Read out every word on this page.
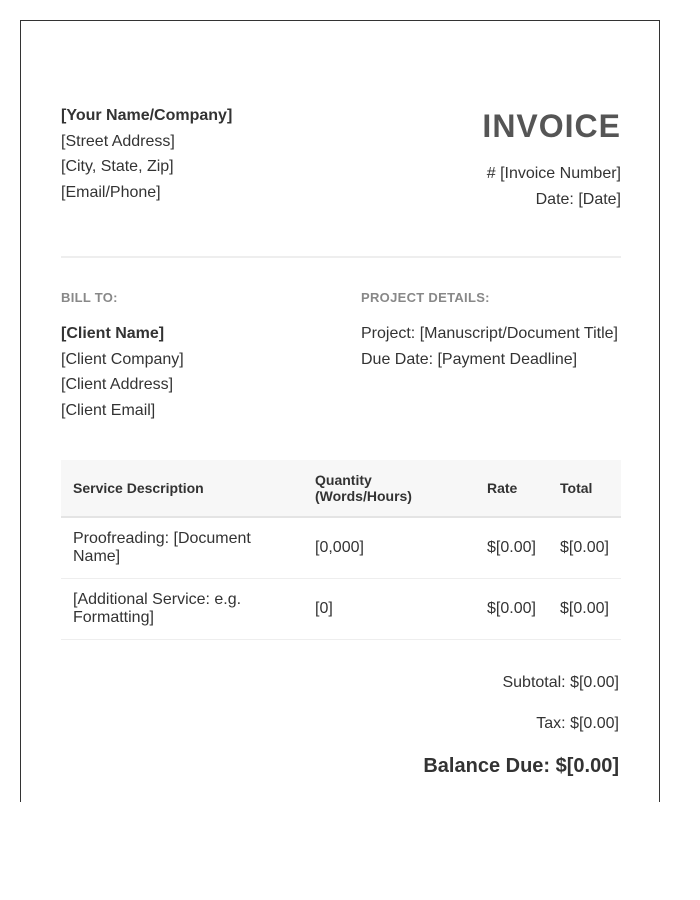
[Your Name/Company]
[Street Address]
[City, State, Zip]
[Email/Phone]
INVOICE
# [Invoice Number]
Date: [Date]
BILL TO:
[Client Name]
[Client Company]
[Client Address]
[Client Email]
PROJECT DETAILS:
Project: [Manuscript/Document Title]
Due Date: [Payment Deadline]
Service Description	Quantity (Words/Hours)	Rate	Total
Proofreading: [Document Name]	[0,000]	$[0.00]	$[0.00]
[Additional Service: e.g. Formatting]	[0]	$[0.00]	$[0.00]
Subtotal: $[0.00]
Tax: $[0.00]
Balance Due: $[0.00]
